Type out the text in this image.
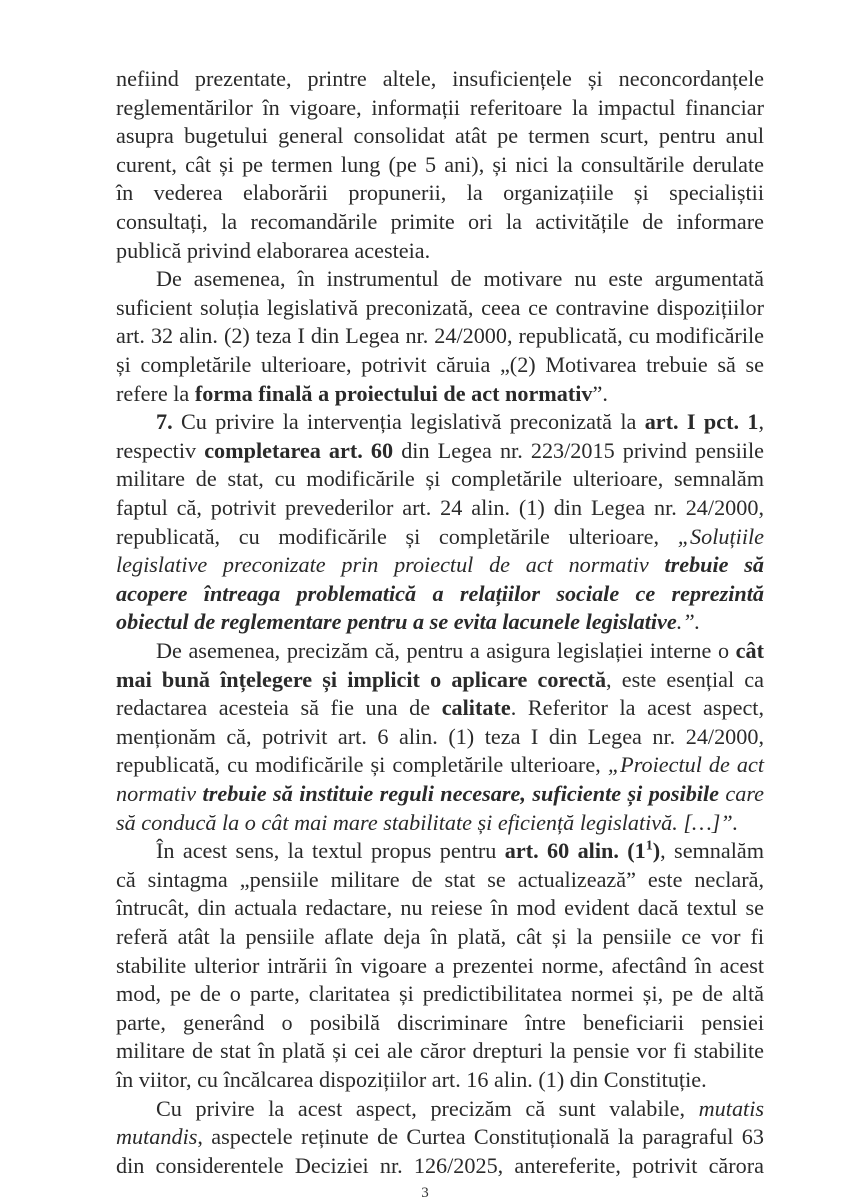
nefiind prezentate, printre altele, insuficiențele și neconcordanțele
reglementărilor în vigoare, informații referitoare la impactul financiar
asupra bugetului general consolidat atât pe termen scurt, pentru anul
curent, cât și pe termen lung (pe 5 ani), și nici la consultările derulate
în vederea elaborării propunerii, la organizațiile și specialiștii
consultați, la recomandările primite ori la activitățile de informare
publică privind elaborarea acesteia.
De asemenea, în instrumentul de motivare nu este argumentată
suficient soluția legislativă preconizată, ceea ce contravine dispozițiilor
art. 32 alin. (2) teza I din Legea nr. 24/2000, republicată, cu modificările
și completările ulterioare, potrivit căruia „(2) Motivarea trebuie să se
refere la forma finală a proiectului de act normativ”.
7. Cu privire la intervenția legislativă preconizată la art. I pct. 1,
respectiv completarea art. 60 din Legea nr. 223/2015 privind pensiile
militare de stat, cu modificările și completările ulterioare, semnalăm
faptul că, potrivit prevederilor art. 24 alin. (1) din Legea nr. 24/2000,
republicată, cu modificările și completările ulterioare, „Soluțiile
legislative preconizate prin proiectul de act normativ trebuie să
acopere întreaga problematică a relațiilor sociale ce reprezintă
obiectul de reglementare pentru a se evita lacunele legislative.”.
De asemenea, precizăm că, pentru a asigura legislației interne o cât
mai bună înțelegere și implicit o aplicare corectă, este esențial ca
redactarea acesteia să fie una de calitate. Referitor la acest aspect,
menționăm că, potrivit art. 6 alin. (1) teza I din Legea nr. 24/2000,
republicată, cu modificările și completările ulterioare, „Proiectul de act
normativ trebuie să instituie reguli necesare, suficiente și posibile care
să conducă la o cât mai mare stabilitate și eficiență legislativă. […]”.
În acest sens, la textul propus pentru art. 60 alin. $(1^1)$, semnalăm
că sintagma „pensiile militare de stat se actualizează” este neclară,
întrucât, din actuala redactare, nu reiese în mod evident dacă textul se
referă atât la pensiile aflate deja în plată, cât și la pensiile ce vor fi
stabilite ulterior intrării în vigoare a prezentei norme, afectând în acest
mod, pe de o parte, claritatea și predictibilitatea normei și, pe de altă
parte, generând o posibilă discriminare între beneficiarii pensiei
militare de stat în plată și cei ale căror drepturi la pensie vor fi stabilite
în viitor, cu încălcarea dispozițiilor art. 16 alin. (1) din Constituție.
mutandis, aspectele reținute de Curtea Constituțională la paragraful 63
din considerentele Deciziei nr. 126/2025, antereferite, potrivit cărora
Cu privire la acest aspect, precizăm că sunt valabile, mutatis
3
